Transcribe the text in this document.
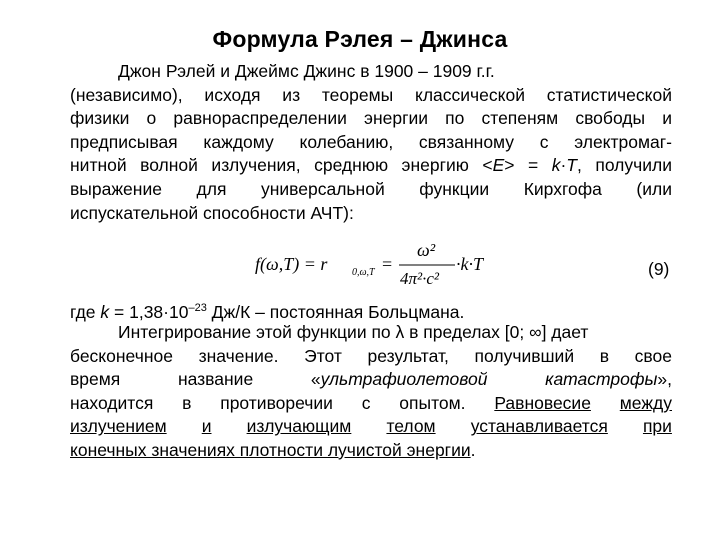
Формула Рэлея – Джинса
Джон Рэлей и Джеймс Джинс в 1900 – 1909 г.г.
(независимо), исходя из теоремы классической статистической
физики о равнораспределении энергии по степеням свободы и
предписывая каждому колебанию, связанному с электромаг-
нитной волной излучения, среднюю энергию <E> = k·T, получили
выражение для универсальной функции Кирхгофа (или
испускательной способности АЧТ):
f(ω,T) = r 0,ω,T =
ω²
4π²·c²
·k·T	(9)
где $k = 1,38\cdot 10^{-23}$ Дж/К – постоянная Больцмана.
Интегрирование этой функции по λ в пределах [0; ∞] дает
бесконечное значение. Этот результат, получивший в свое
время название «ультрафиолетовой катастрофы»,
находится в противоречии с опытом. Равновесие между
излучением и излучающим телом устанавливается при
конечных значениях плотности лучистой энергии.
